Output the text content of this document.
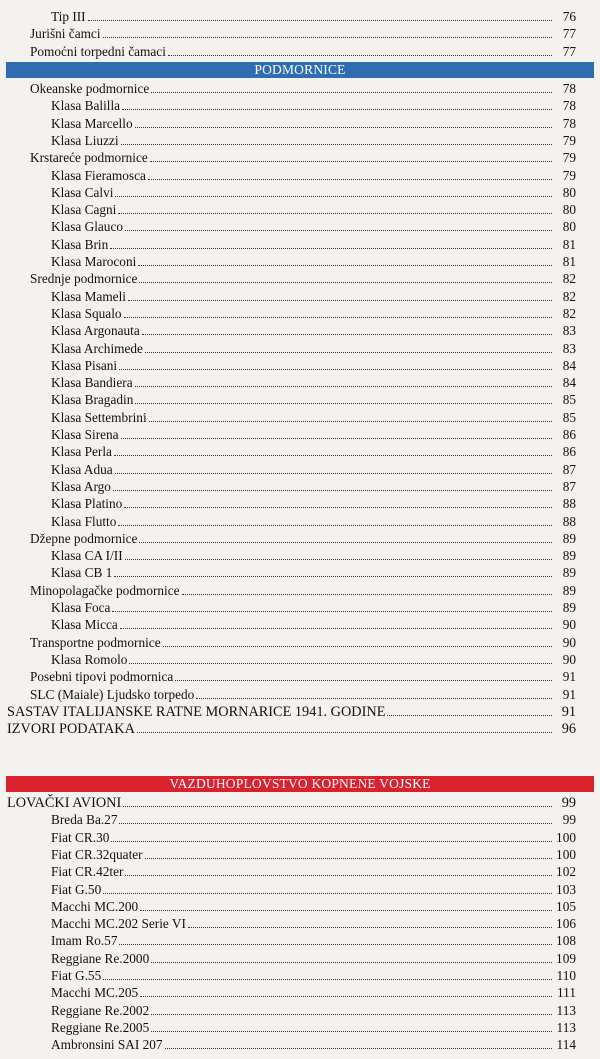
Tip III	76
Jurišni čamci	77
Pomoćni torpedni čamaci	77
PODMORNICE
Okeanske podmornice	78
Klasa Balilla	78
Klasa Marcello	78
Klasa Liuzzi	79
Krstareće podmornice	79
Klasa Fieramosca	79
Klasa Calvi	80
Klasa Cagni	80
Klasa Glauco	80
Klasa Brin	81
Klasa Maroconi	81
Srednje podmornice	82
Klasa Mameli	82
Klasa Squalo	82
Klasa Argonauta	83
Klasa Archimede	83
Klasa Pisani	84
Klasa Bandiera	84
Klasa Bragadin	85
Klasa Settembrini	85
Klasa Sirena	86
Klasa Perla	86
Klasa Adua	87
Klasa Argo	87
Klasa Platino	88
Klasa Flutto	88
Džepne podmornice	89
Klasa CA I/II	89
Klasa CB 1	89
Minopolagačke podmornice	89
Klasa Foca	89
Klasa Micca	90
Transportne podmornice	90
Klasa Romolo	90
Posebni tipovi podmornica	91
SLC (Maiale) Ljudsko torpedo	91
SASTAV ITALIJANSKE RATNE MORNARICE 1941. GODINE	91
IZVORI PODATAKA	96
VAZDUHOPLOVSTVO KOPNENE VOJSKE
LOVAČKI AVIONI	99
Breda Ba.27	99
Fiat CR.30	100
Fiat CR.32quater	100
Fiat CR.42ter	102
Fiat G.50	103
Macchi MC.200	105
Macchi MC.202 Serie VI	106
Imam Ro.57	108
Reggiane Re.2000	109
Fiat G.55	110
Macchi MC.205	111
Reggiane Re.2002	113
Reggiane Re.2005	113
Ambronsini SAI 207	114
